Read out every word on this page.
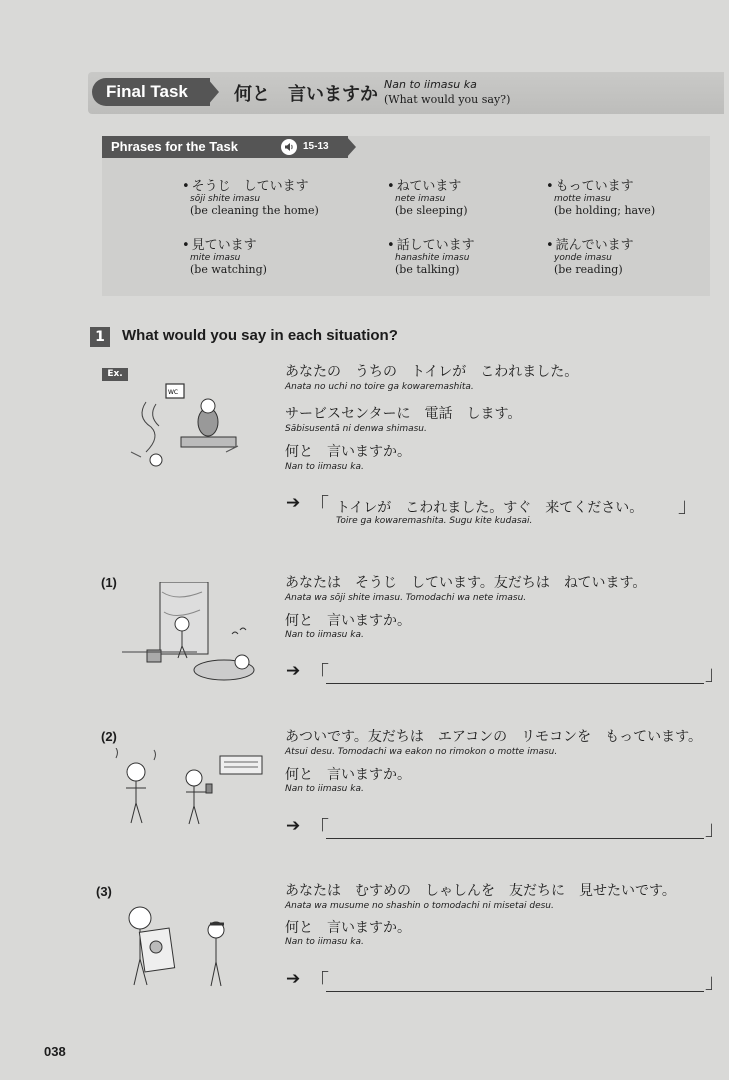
Final Task	何と　言いますか Nan to iimasu ka
(What would you say?)
Phrases for the Task	15-13
• そうじ　しています
sōji shite imasu
(be cleaning the home)
• ねています
nete imasu
(be sleeping)
• もっています
motte imasu
(be holding; have)
• 見ています
mite imasu
(be watching)
• 話しています
hanashite imasu
(be talking)
• 読んでいます
yonde imasu
(be reading)
1	What would you say in each situation?
Ex.
WC
あなたの　うちの　トイレが　こわれました。
Anata no uchi no toire ga kowaremashita.
サービスセンターに　電話　します。
Sābisusentā ni denwa shimasu.
何と　言いますか。
Nan to iimasu ka.
➔ 「 トイレが　こわれました。すぐ　来てください。
Toire ga kowaremashita. Sugu kite kudasai.
」
(1)	あなたは　そうじ　しています。友だちは　ねています。
Anata wa sōji shite imasu. Tomodachi wa nete imasu.
何と　言いますか。
Nan to iimasu ka.
➔ 「	」
(2)	あついです。友だちは　エアコンの　リモコンを　もっています。
Atsui desu. Tomodachi wa eakon no rimokon o motte imasu.
何と　言いますか。
Nan to iimasu ka.
➔ 「	」
(3)	あなたは　むすめの　しゃしんを　友だちに　見せたいです。
Anata wa musume no shashin o tomodachi ni misetai desu.
何と　言いますか。
Nan to iimasu ka.
➔ 「	」
038
